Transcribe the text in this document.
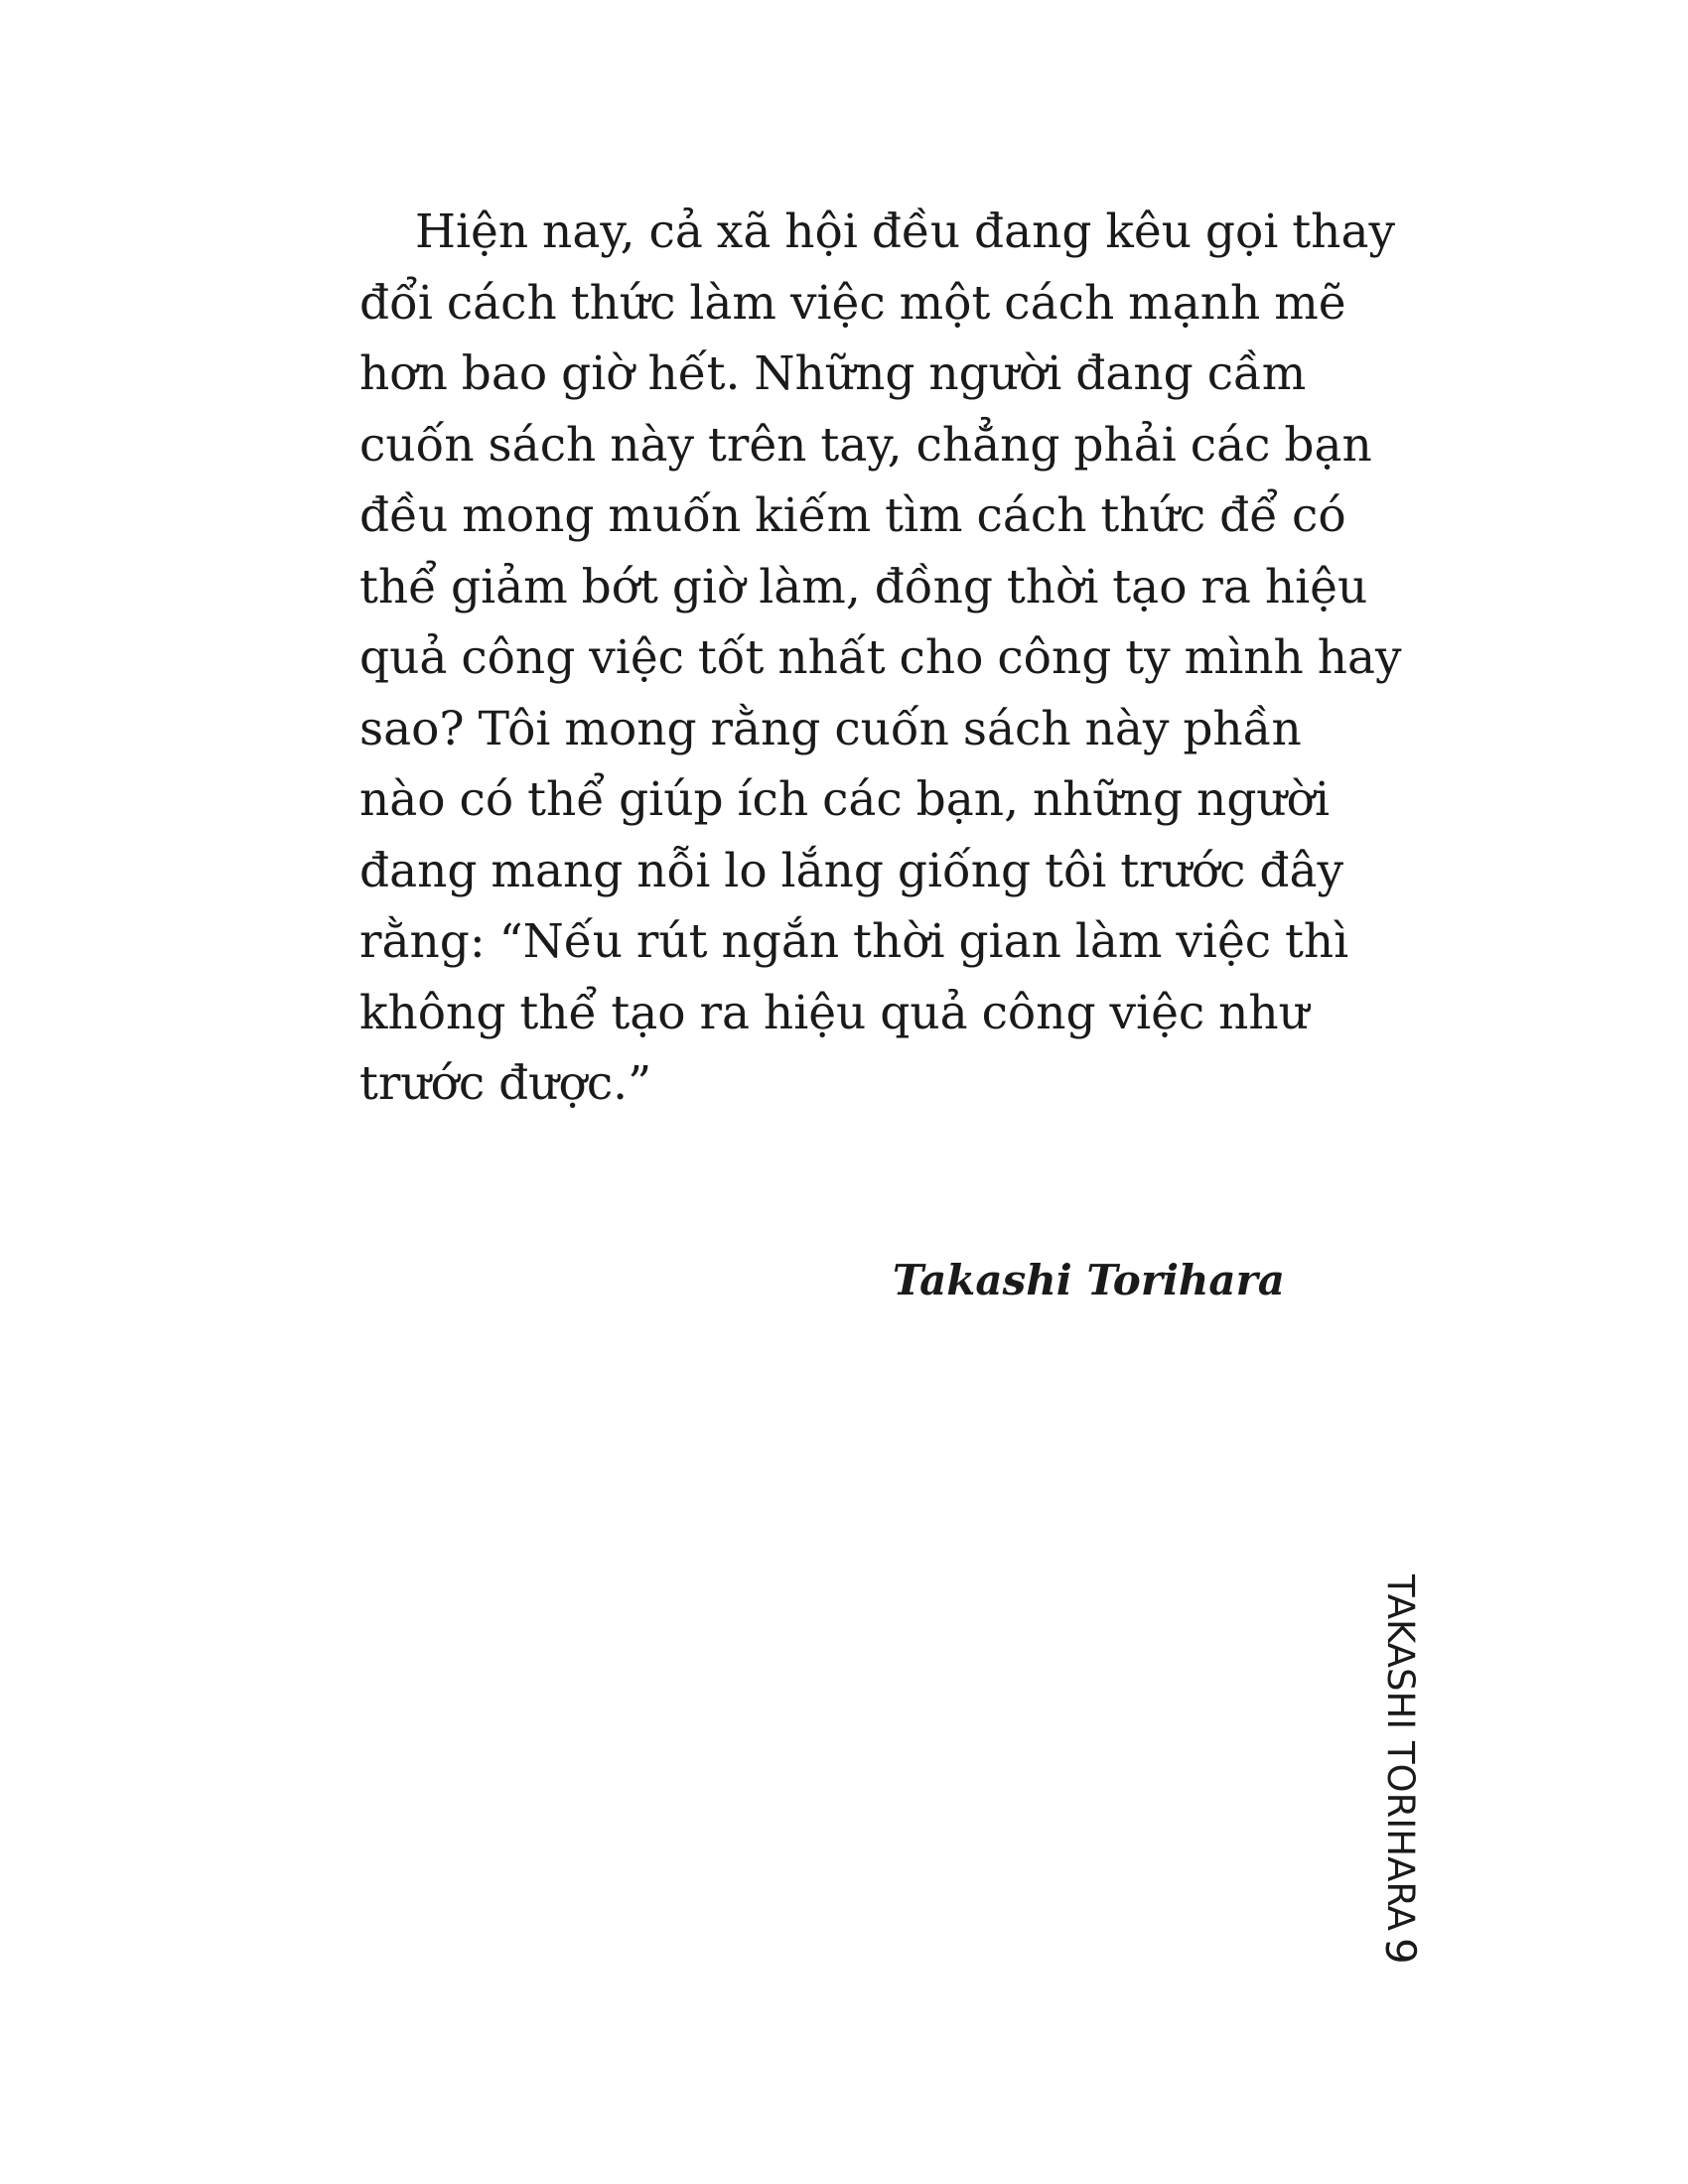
Hiện nay, cả xã hội đều đang kêu gọi thay
đổi cách thức làm việc một cách mạnh mẽ
hơn bao giờ hết. Những người đang cầm
cuốn sách này trên tay, chẳng phải các bạn
đều mong muốn kiếm tìm cách thức để có
thể giảm bớt giờ làm, đồng thời tạo ra hiệu
quả công việc tốt nhất cho công ty mình hay
sao? Tôi mong rằng cuốn sách này phần
nào có thể giúp ích các bạn, những người
đang mang nỗi lo lắng giống tôi trước đây
rằng: “Nếu rút ngắn thời gian làm việc thì
không thể tạo ra hiệu quả công việc như
trước được.”
Takashi Torihara
TAKASHI TORIHARA
9
